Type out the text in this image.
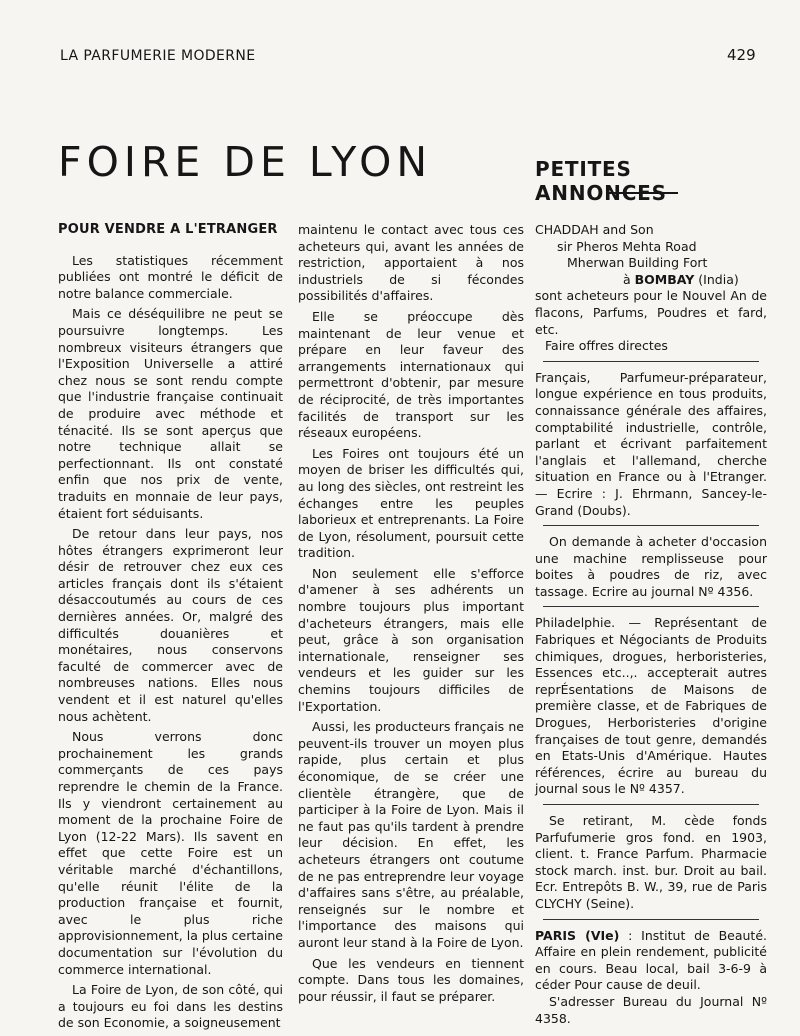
LA PARFUMERIE MODERNE	429
FOIRE DE LYON	PETITES ANNONCES
POUR VENDRE A L'ETRANGER

Les statistiques récemment publiées ont montré le déficit de notre balance commerciale.

Mais ce déséquilibre ne peut se poursuivre longtemps. Les nombreux visiteurs étrangers que l'Exposition Universelle a attiré chez nous se sont rendu compte que l'industrie française continuait de produire avec méthode et ténacité. Ils se sont aperçus que notre technique allait se perfectionnant. Ils ont constaté enfin que nos prix de vente, traduits en monnaie de leur pays, étaient fort séduisants.

De retour dans leur pays, nos hôtes étrangers exprimeront leur désir de retrouver chez eux ces articles français dont ils s'étaient désaccoutumés au cours de ces dernières années. Or, malgré des difficultés douanières et monétaires, nous conservons faculté de commercer avec de nombreuses nations. Elles nous vendent et il est naturel qu'elles nous achètent.

Nous verrons donc prochainement les grands commerçants de ces pays reprendre le chemin de la France. Ils y viendront certainement au moment de la prochaine Foire de Lyon (12-22 Mars). Ils savent en effet que cette Foire est un véritable marché d'échantillons, qu'elle réunit l'élite de la production française et fournit, avec le plus riche approvisionnement, la plus certaine documentation sur l'évolution du commerce international.

La Foire de Lyon, de son côté, qui a toujours eu foi dans les destins de son Economie, a soigneusement

maintenu le contact avec tous ces acheteurs qui, avant les années de restriction, apportaient à nos industriels de si fécondes possibilités d'affaires.

Elle se préoccupe dès maintenant de leur venue et prépare en leur faveur des arrangements internationaux qui permettront d'obtenir, par mesure de réciprocité, de très importantes facilités de transport sur les réseaux européens.

Les Foires ont toujours été un moyen de briser les difficultés qui, au long des siècles, ont restreint les échanges entre les peuples laborieux et entreprenants. La Foire de Lyon, résolument, poursuit cette tradition.

Non seulement elle s'efforce d'amener à ses adhérents un nombre toujours plus important d'acheteurs étrangers, mais elle peut, grâce à son organisation internationale, renseigner ses vendeurs et les guider sur les chemins toujours difficiles de l'Exportation.

Aussi, les producteurs français ne peuvent-ils trouver un moyen plus rapide, plus certain et plus économique, de se créer une clientèle étrangère, que de participer à la Foire de Lyon. Mais il ne faut pas qu'ils tardent à prendre leur décision. En effet, les acheteurs étrangers ont coutume de ne pas entreprendre leur voyage d'affaires sans s'être, au préalable, renseignés sur le nombre et l'importance des maisons qui auront leur stand à la Foire de Lyon.

Que les vendeurs en tiennent compte. Dans tous les domaines, pour réussir, il faut se préparer.

CHADDAH and Son
sir Pheros Mehta Road
Mherwan Building Fort
à BOMBAY (India)

sont acheteurs pour le Nouvel An de flacons, Parfums, Poudres et fard, etc.

Faire offres directes

Français, Parfumeur-préparateur, longue expérience en tous produits, connaissance générale des affaires, comptabilité industrielle, contrôle, parlant et écrivant parfaitement l'anglais et l'allemand, cherche situation en France ou à l'Etranger. — Ecrire : J. Ehrmann, Sancey-le-Grand (Doubs).

On demande à acheter d'occasion une machine remplisseuse pour boites à poudres de riz, avec tassage. Ecrire au journal Nº 4356.

Philadelphie. — Représentant de Fabriques et Négociants de Produits chimiques, drogues, herboristeries, Essences etc..,. accepterait autres reprÉsentations de Maisons de première classe, et de Fabriques de Drogues, Herboristeries d'origine françaises de tout genre, demandés en Etats-Unis d'Amérique. Hautes références, écrire au bureau du journal sous le Nº 4357.

Se retirant, M. cède fonds Parfufumerie gros fond. en 1903, client. t. France Parfum. Pharmacie stock march. inst. bur. Droit au bail. Ecr. Entrepôts B. W., 39, rue de Paris CLYCHY (Seine).

PARIS (VIe) : Institut de Beauté. Affaire en plein rendement, publicité en cours. Beau local, bail 3-6-9 à céder Pour cause de deuil.

S'adresser Bureau du Journal Nº 4358.
